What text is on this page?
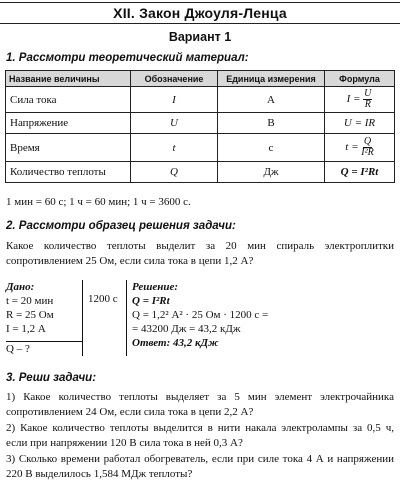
XII. Закон Джоуля-Ленца
Вариант 1
1. Рассмотри теоретический материал:
Название величины	Обозначение	Единица измерения	Формула
Сила тока	I	А	$I = \frac{U}{R}$

Напряжение	U	В	U = IR
Время	t	с	$t = \frac{Q}{\text{I²R}}$

Количество теплоты	Q	Дж	Q = I²Rt
1 мин = 60 с; 1 ч = 60 мин; 1 ч = 3600 с.
2. Рассмотри образец решения задачи:
Какое количество теплоты выделит за 20 мин спираль электроплитки сопротивлением 25 Ом, если сила тока в цепи 1,2 А?
Дано:
t = 20 мин
R = 25 Ом
I = 1,2 А
Q – ?
1200 с
Решение:
Q = I²Rt
Q = 1,2² А² · 25 Ом · 1200 с =
= 43200 Дж = 43,2 кДж
Ответ: 43,2 кДж
3. Реши задачи:
1) Какое количество теплоты выделяет за 5 мин элемент электрочайника сопротивлением 24 Ом, если сила тока в цепи 2,2 А?
2) Какое количество теплоты выделится в нити накала электролампы за 0,5 ч, если при напряжении 120 В сила тока в ней 0,3 А?
3) Сколько времени работал обогреватель, если при силе тока 4 А и напряжении 220 В выделилось 1,584 МДж теплоты?
